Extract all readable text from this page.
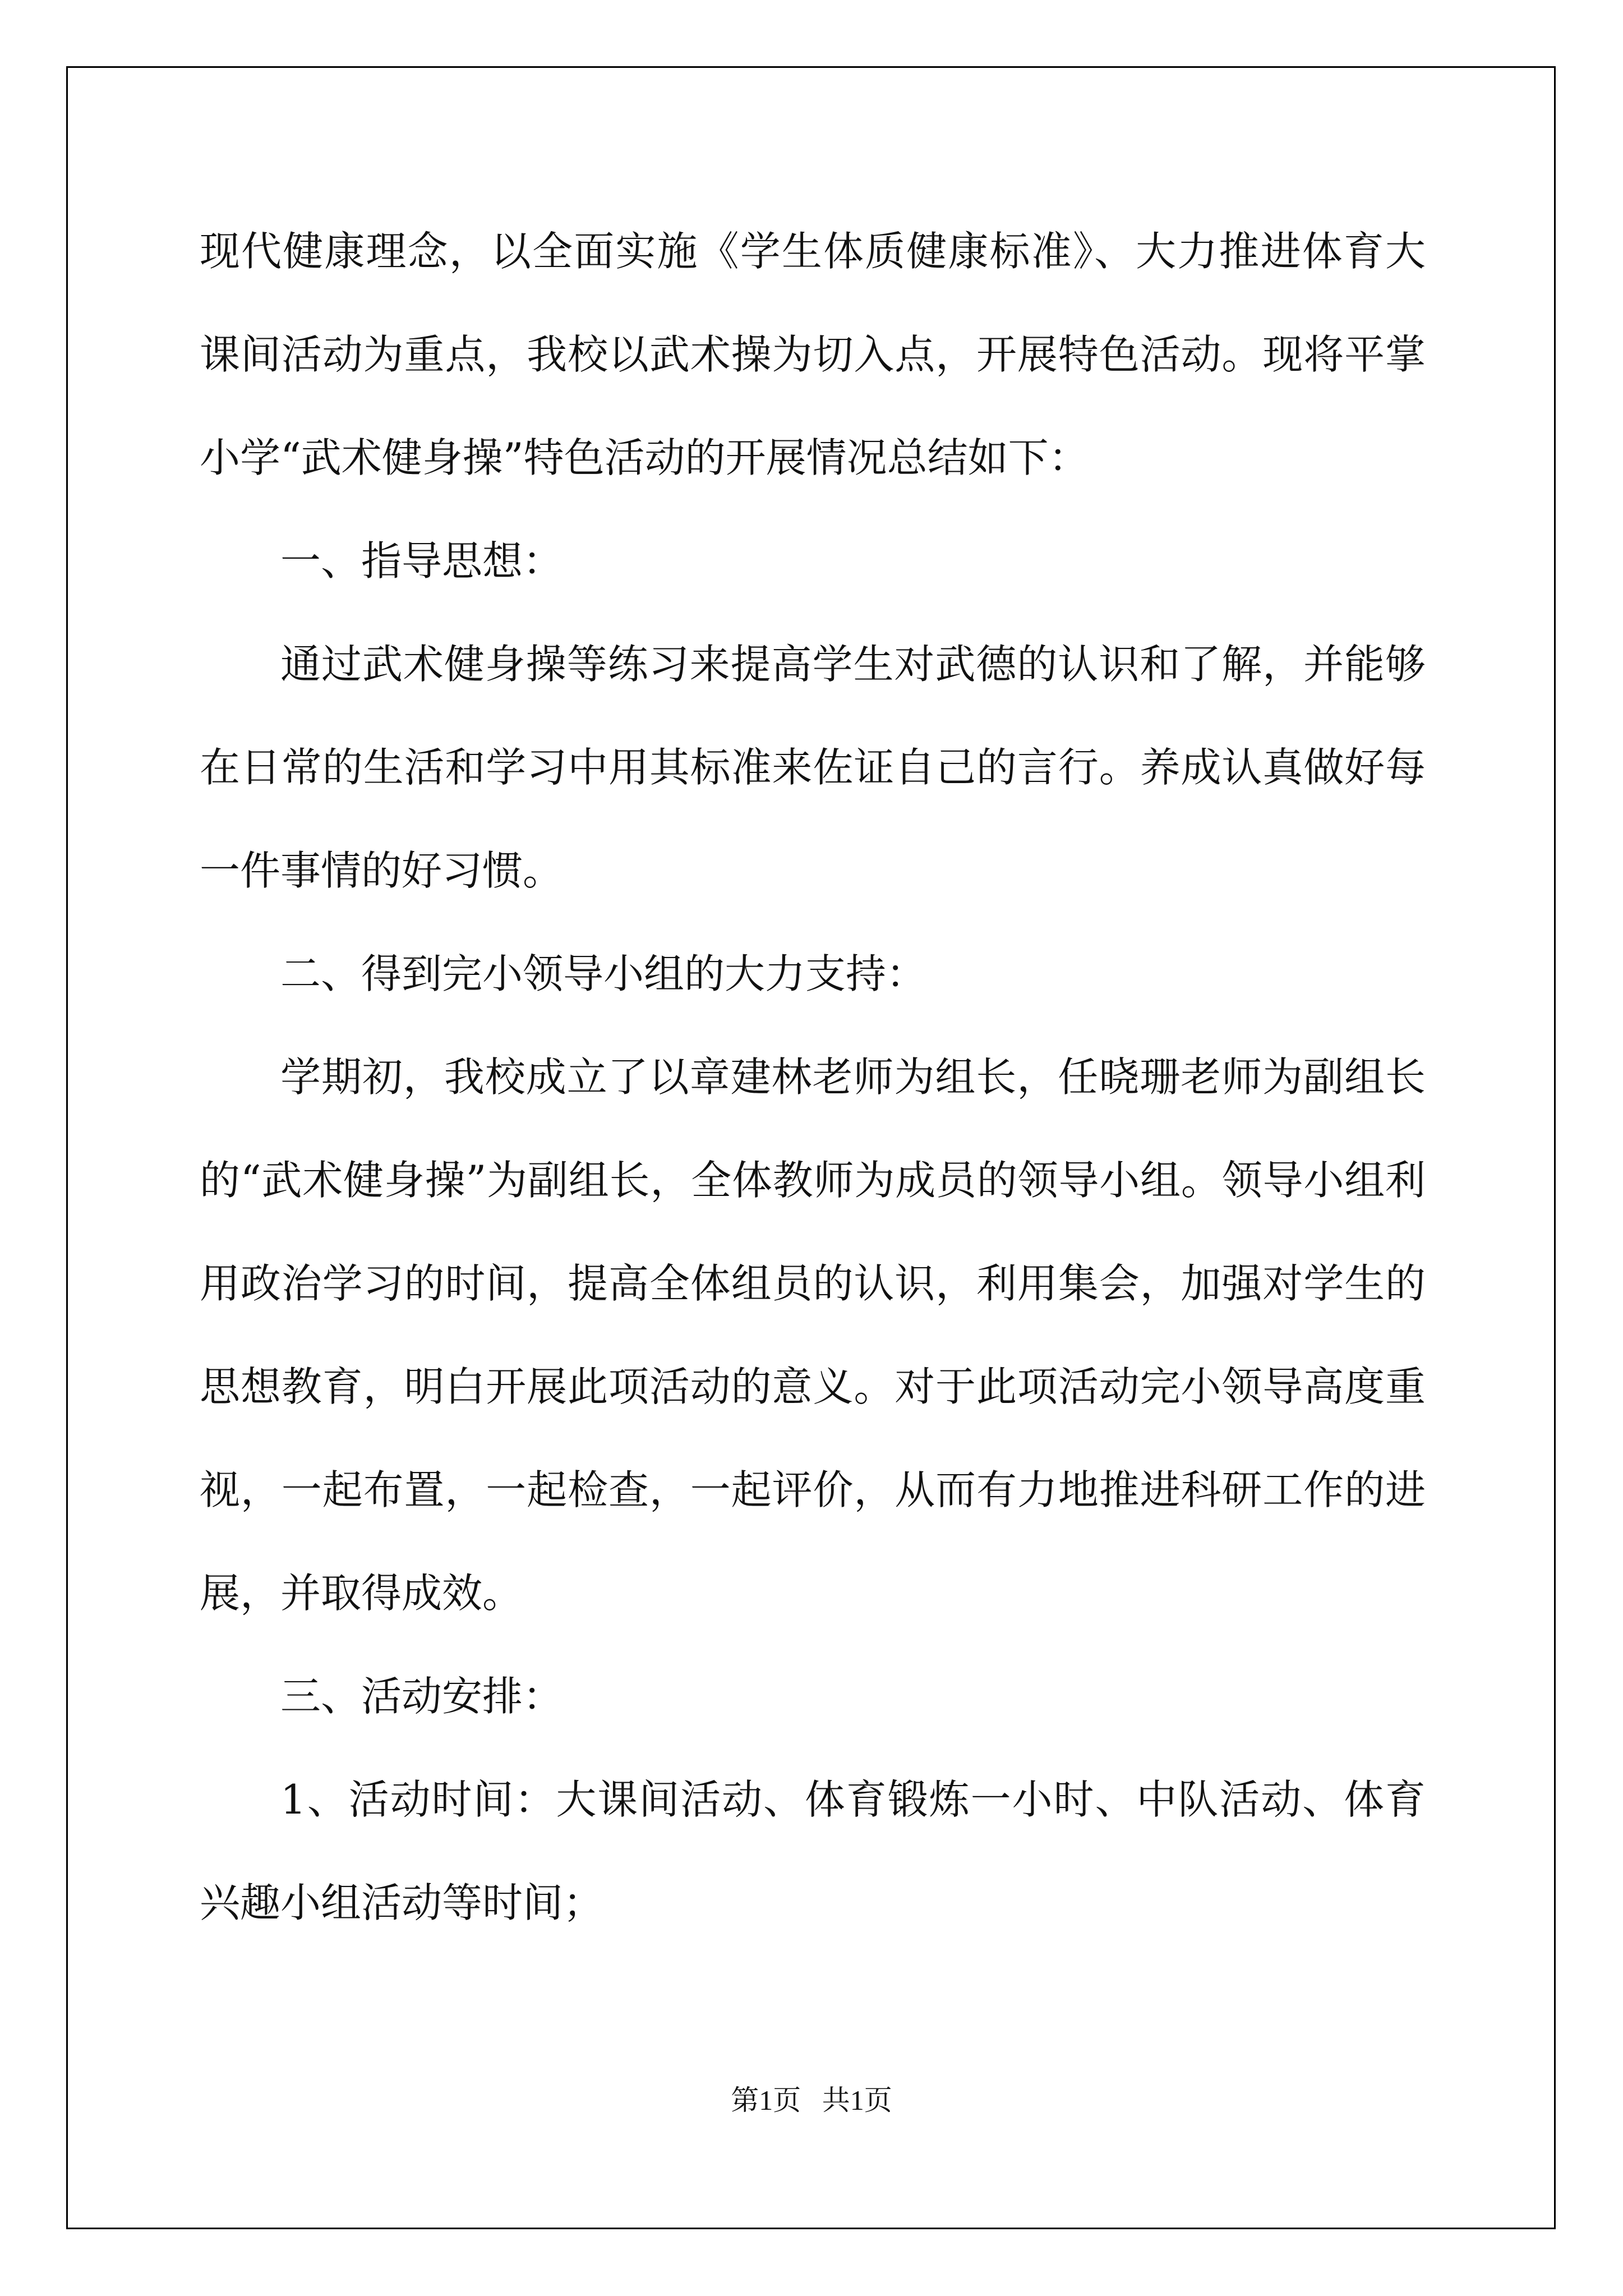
现代健康理念，以全面实施《学生体质健康标准》、大力推进体育大课间活动为重点，我校以武术操为切入点，开展特色活动。现将平掌小学“武术健身操”特色活动的开展情况总结如下：

一、指导思想：

通过武术健身操等练习来提高学生对武德的认识和了解，并能够在日常的生活和学习中用其标准来佐证自己的言行。养成认真做好每一件事情的好习惯。

二、得到完小领导小组的大力支持：

学期初，我校成立了以章建林老师为组长，任晓珊老师为副组长的“武术健身操”为副组长，全体教师为成员的领导小组。领导小组利用政治学习的时间，提高全体组员的认识，利用集会，加强对学生的思想教育，明白开展此项活动的意义。对于此项活动完小领导高度重视，一起布置，一起检查，一起评价，从而有力地推进科研工作的进展，并取得成效。

三、活动安排：

1、活动时间：大课间活动、体育锻炼一小时、中队活动、体育兴趣小组活动等时间；

第1页   共1页
